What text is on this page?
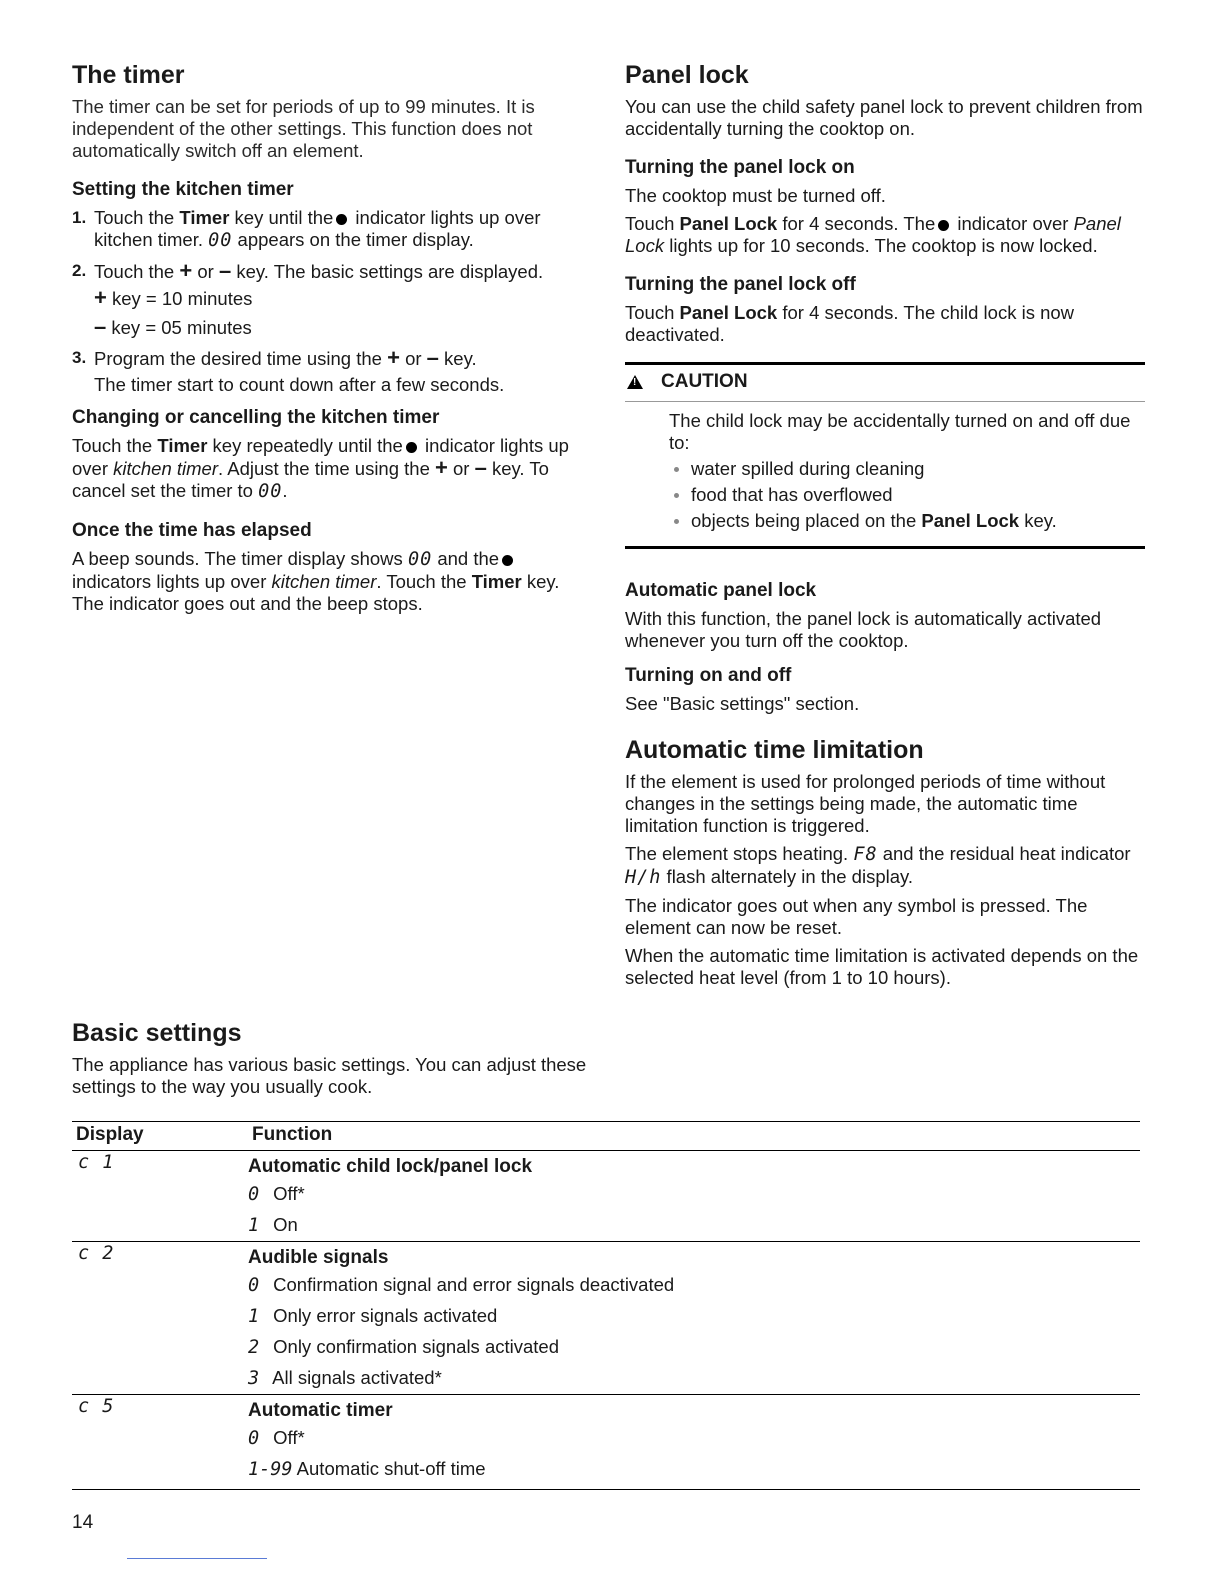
The timer

The timer can be set for periods of up to 99 minutes. It is independent of the other settings. This function does not automatically switch off an element.

Setting the kitchen timer
1. Touch the Timer key until the indicator lights up over kitchen timer. 00 appears on the timer display.
2. Touch the + or – key. The basic settings are displayed.
+ key = 10 minutes
– key = 05 minutes
3. Program the desired time using the + or – key.
The timer start to count down after a few seconds.
Changing or cancelling the kitchen timer

Touch the Timer key repeatedly until the indicator lights up over kitchen timer. Adjust the time using the + or – key. To cancel set the timer to 00.

Once the time has elapsed

A beep sounds. The timer display shows 00 and the indicators lights up over kitchen timer. Touch the Timer key. The indicator goes out and the beep stops.

Panel lock

You can use the child safety panel lock to prevent children from accidentally turning the cooktop on.

Turning the panel lock on

The cooktop must be turned off.

Touch Panel Lock for 4 seconds. The indicator over Panel Lock lights up for 10 seconds. The cooktop is now locked.

Turning the panel lock off

Touch Panel Lock for 4 seconds. The child lock is now deactivated.

!
CAUTION

The child lock may be accidentally turned on and off due to:

water spilled during cleaning
food that has overflowed
objects being placed on the Panel Lock key.
Automatic panel lock

With this function, the panel lock is automatically activated whenever you turn off the cooktop.

Turning on and off

See "Basic settings" section.

Automatic time limitation

If the element is used for prolonged periods of time without changes in the settings being made, the automatic time limitation function is triggered.

The element stops heating. F8 and the residual heat indicator H/h flash alternately in the display.

The indicator goes out when any symbol is pressed. The element can now be reset.

When the automatic time limitation is activated depends on the selected heat level (from 1 to 10 hours).

Basic settings

The appliance has various basic settings. You can adjust these settings to the way you usually cook.

Display	Function
c 1	Automatic child lock/panel lock
0 Off*
1 On

c 2	Audible signals
0 Confirmation signal and error signals deactivated
1 Only error signals activated
2 Only confirmation signals activated
3 All signals activated*

c 5	Automatic timer
0 Off*
1-99 Automatic shut-off time
14
